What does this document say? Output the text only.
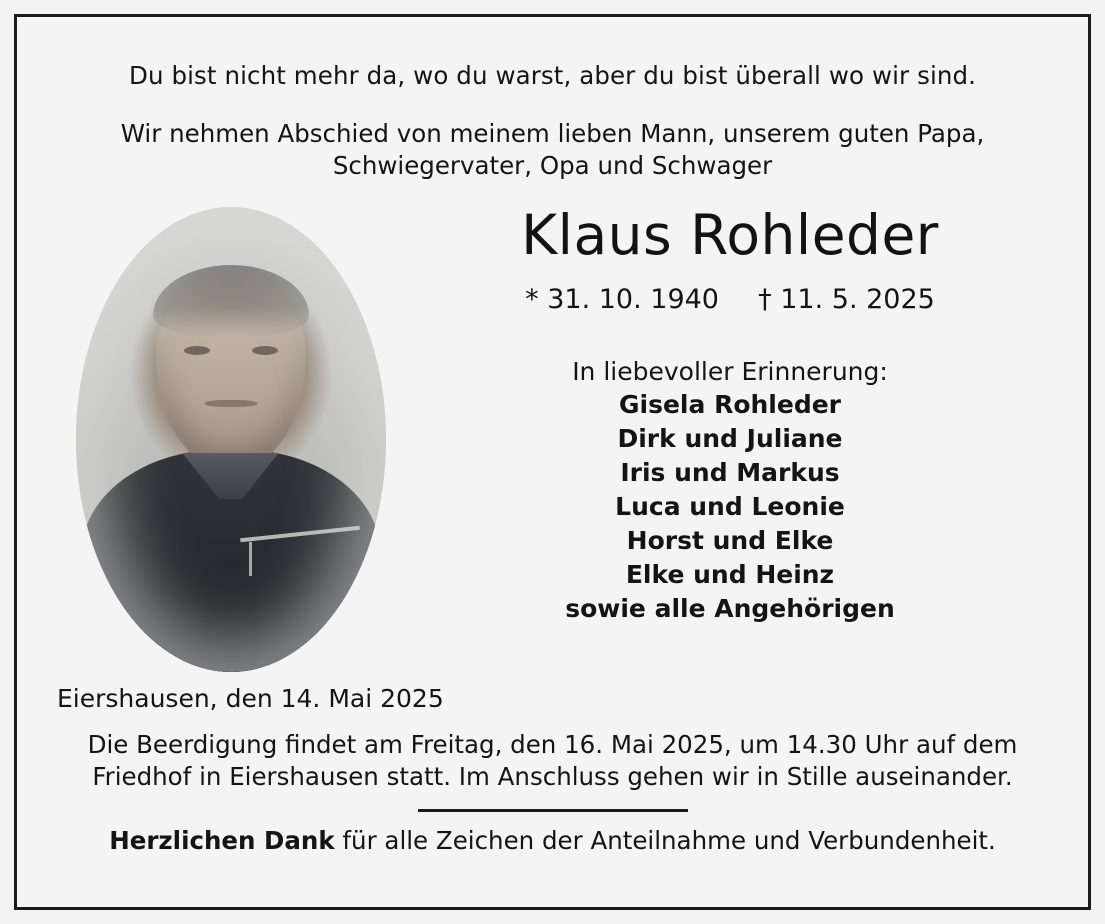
Du bist nicht mehr da, wo du warst, aber du bist überall wo wir sind.
Wir nehmen Abschied von meinem lieben Mann, unserem guten Papa,
Schwiegervater, Opa und Schwager
Klaus Rohleder
* 31. 10. 1940 † 11. 5. 2025
In liebevoller Erinnerung:
Gisela Rohleder
Dirk und Juliane
Iris und Markus
Luca und Leonie
Horst und Elke
Elke und Heinz
sowie alle Angehörigen
Eiershausen, den 14. Mai 2025
Die Beerdigung findet am Freitag, den 16. Mai 2025, um 14.30 Uhr auf dem
Friedhof in Eiershausen statt. Im Anschluss gehen wir in Stille auseinander.
Herzlichen Dank für alle Zeichen der Anteilnahme und Verbundenheit.
